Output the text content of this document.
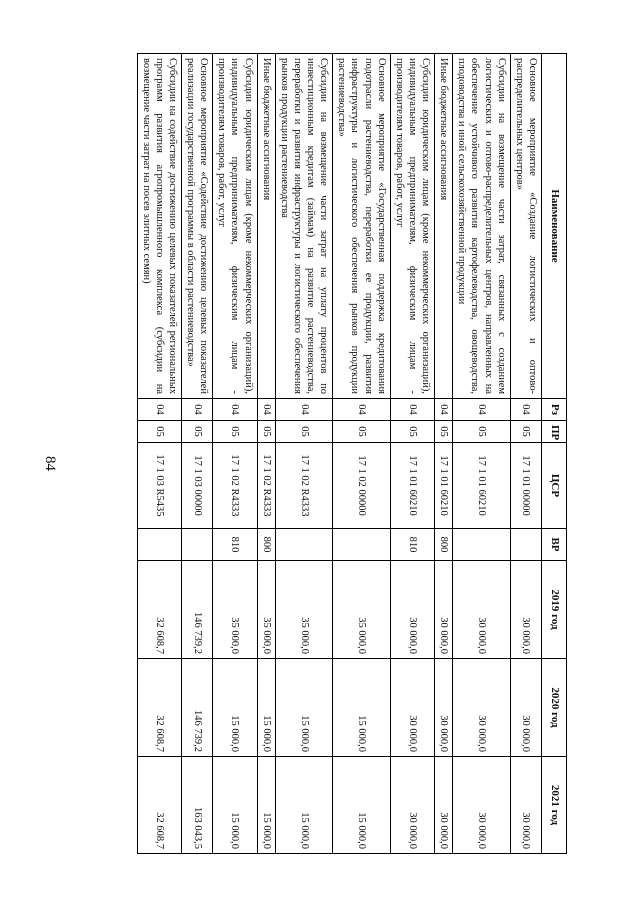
84
Наименование	Рз	ПР	ЦСР	ВР	2019 год	2020 год	2021 год
Основное мероприятие «Создание логистических и оптово-распределительных центров»	04	05	17 1 01 00000		30 000,0	30 000,0	30 000,0
Субсидии на возмещение части затрат, связанных с созданием логистических и оптово-распределительных центров, направленных на обеспечение устойчивого развития картофелеводства, овощеводства, плодоводства и иной сельскохозяйственной продукции	04	05	17 1 01 60210		30 000,0	30 000,0	30 000,0
Иные бюджетные ассигнования	04	05	17 1 01 60210	800	30 000,0	30 000,0	30 000,0
Субсидии юридическим лицам (кроме некоммерческих организаций), индивидуальным предпринимателям, физическим лицам - производителям товаров, работ, услуг	04	05	17 1 01 60210	810	30 000,0	30 000,0	30 000,0
Основное мероприятие «Государственная поддержка кредитования подотрасли растениеводства, переработки ее продукции, развития инфраструктуры и логистического обеспечения рынков продукции растениеводства»	04	05	17 1 02 00000		35 000,0	15 000,0	15 000,0
Субсидии на возмещение части затрат на уплату процентов по инвестиционным кредитам (займам) на развитие растениеводства, переработки и развития инфраструктуры и логистического обеспечения рынков продукции растениеводства	04	05	17 1 02 R4333		35 000,0	15 000,0	15 000,0
Иные бюджетные ассигнования	04	05	17 1 02 R4333	800	35 000,0	15 000,0	15 000,0
Субсидии юридическим лицам (кроме некоммерческих организаций), индивидуальным предпринимателям, физическим лицам - производителям товаров, работ, услуг	04	05	17 1 02 R4333	810	35 000,0	15 000,0	15 000,0
Основное мероприятие «Содействие достижению целевых показателей реализации государственной программы в области растениеводства»	04	05	17 1 03 00000		146 739,2	146 739,2	163 043,5
Субсидии на содействие достижению целевых показателей региональных программ развития агропромышленного комплекса (субсидии на возмещение части затрат на посев элитных семян)	04	05	17 1 03 R5435		32 608,7	32 608,7	32 608,7
